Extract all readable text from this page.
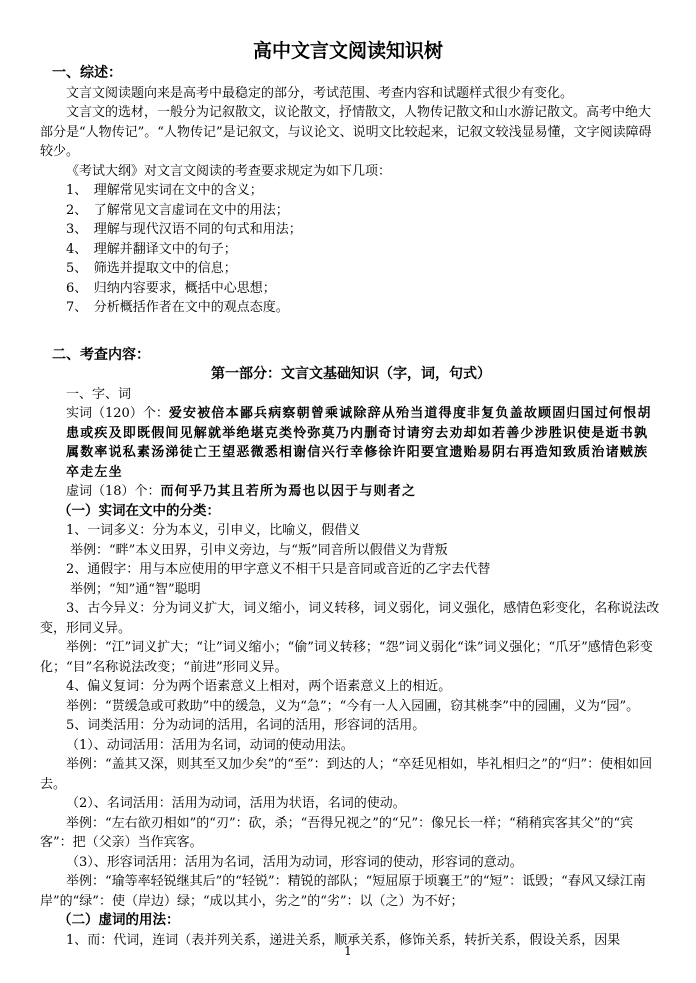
高中文言文阅读知识树
一、综述：
文言文阅读题向来是高考中最稳定的部分，考试范围、考查内容和试题样式很少有变化。
文言文的选材，一般分为记叙散文，议论散文，抒情散文，人物传记散文和山水游记散文。高考中绝大部分是“人物传记”。“人物传记”是记叙文，与议论文、说明文比较起来，记叙文较浅显易懂，文字阅读障碍较少。
《考试大纲》对文言文阅读的考查要求规定为如下几项：
1、　理解常见实词在文中的含义；
2、　了解常见文言虚词在文中的用法；
3、　理解与现代汉语不同的句式和用法；
4、　理解并翻译文中的句子；
5、　筛选并提取文中的信息；
6、　归纳内容要求，概括中心思想；
7、　分析概括作者在文中的观点态度。
二、考查内容：
第一部分：文言文基础知识（字，词，句式）
一、字、词
实词（120）个：爱安被倍本鄙兵病察朝曾乘诚除辞从殆当道得度非复负盖故顾固归国过何恨胡患或疾及即既假间见解就举绝堪克类怜弥莫乃内删奇讨请穷去劝却如若善少涉胜识使是逝书孰属数率说私素汤涕徒亡王望恶微悉相谢信兴行幸修徐许阳要宜遗贻易阴右再造知致质治诸贼族卒走左坐
虚词（18）个：而何乎乃其且若所为焉也以因于与则者之
（一）实词在文中的分类：
1、一词多义：分为本义，引申义，比喻义，假借义
举例：“畔”本义田界，引申义旁边，与“叛”同音所以假借义为背叛
2、通假字：用与本应使用的甲字意义不相干只是音同或音近的乙字去代替
举例；“知”通“智”聪明
3、古今异义：分为词义扩大，词义缩小，词义转移，词义弱化，词义强化，感情色彩变化，名称说法改变，形同义异。
举例：“江”词义扩大；“让”词义缩小；“偷”词义转移；“怨”词义弱化“诛”词义强化；“爪牙”感情色彩变化；“目”名称说法改变；“前进”形同义异。
4、偏义复词：分为两个语素意义上相对，两个语素意义上的相近。
举例：“贳缓急或可救助”中的缓急，义为“急”；“今有一人入园圃，窃其桃李”中的园圃，义为“园”。
5、词类活用：分为动词的活用，名词的活用，形容词的活用。
（1）、动词活用：活用为名词，动词的使动用法。
举例：“盖其又深，则其至又加少矣”的“至”：到达的人；“卒廷见相如，毕礼相归之”的“归”：使相如回去。
（2）、名词活用：活用为动词，活用为状语，名词的使动。
举例：“左右欲刃相如”的“刃”：砍，杀；“吾得兄视之”的“兄”：像兄长一样；“稍稍宾客其父”的“宾客”：把（父亲）当作宾客。
（3）、形容词活用：活用为名词，活用为动词，形容词的使动，形容词的意动。
举例：“瑜等率轻锐继其后”的“轻锐”：精锐的部队；“短屈原于顷襄王”的“短”：诋毁；“春风又绿江南岸”的“绿”：使（岸边）绿；“成以其小，劣之”的“劣”：以（之）为不好；
（二）虚词的用法：
1、而：代词，连词（表并列关系，递进关系，顺承关系，修饰关系，转折关系，假设关系，因果
1
